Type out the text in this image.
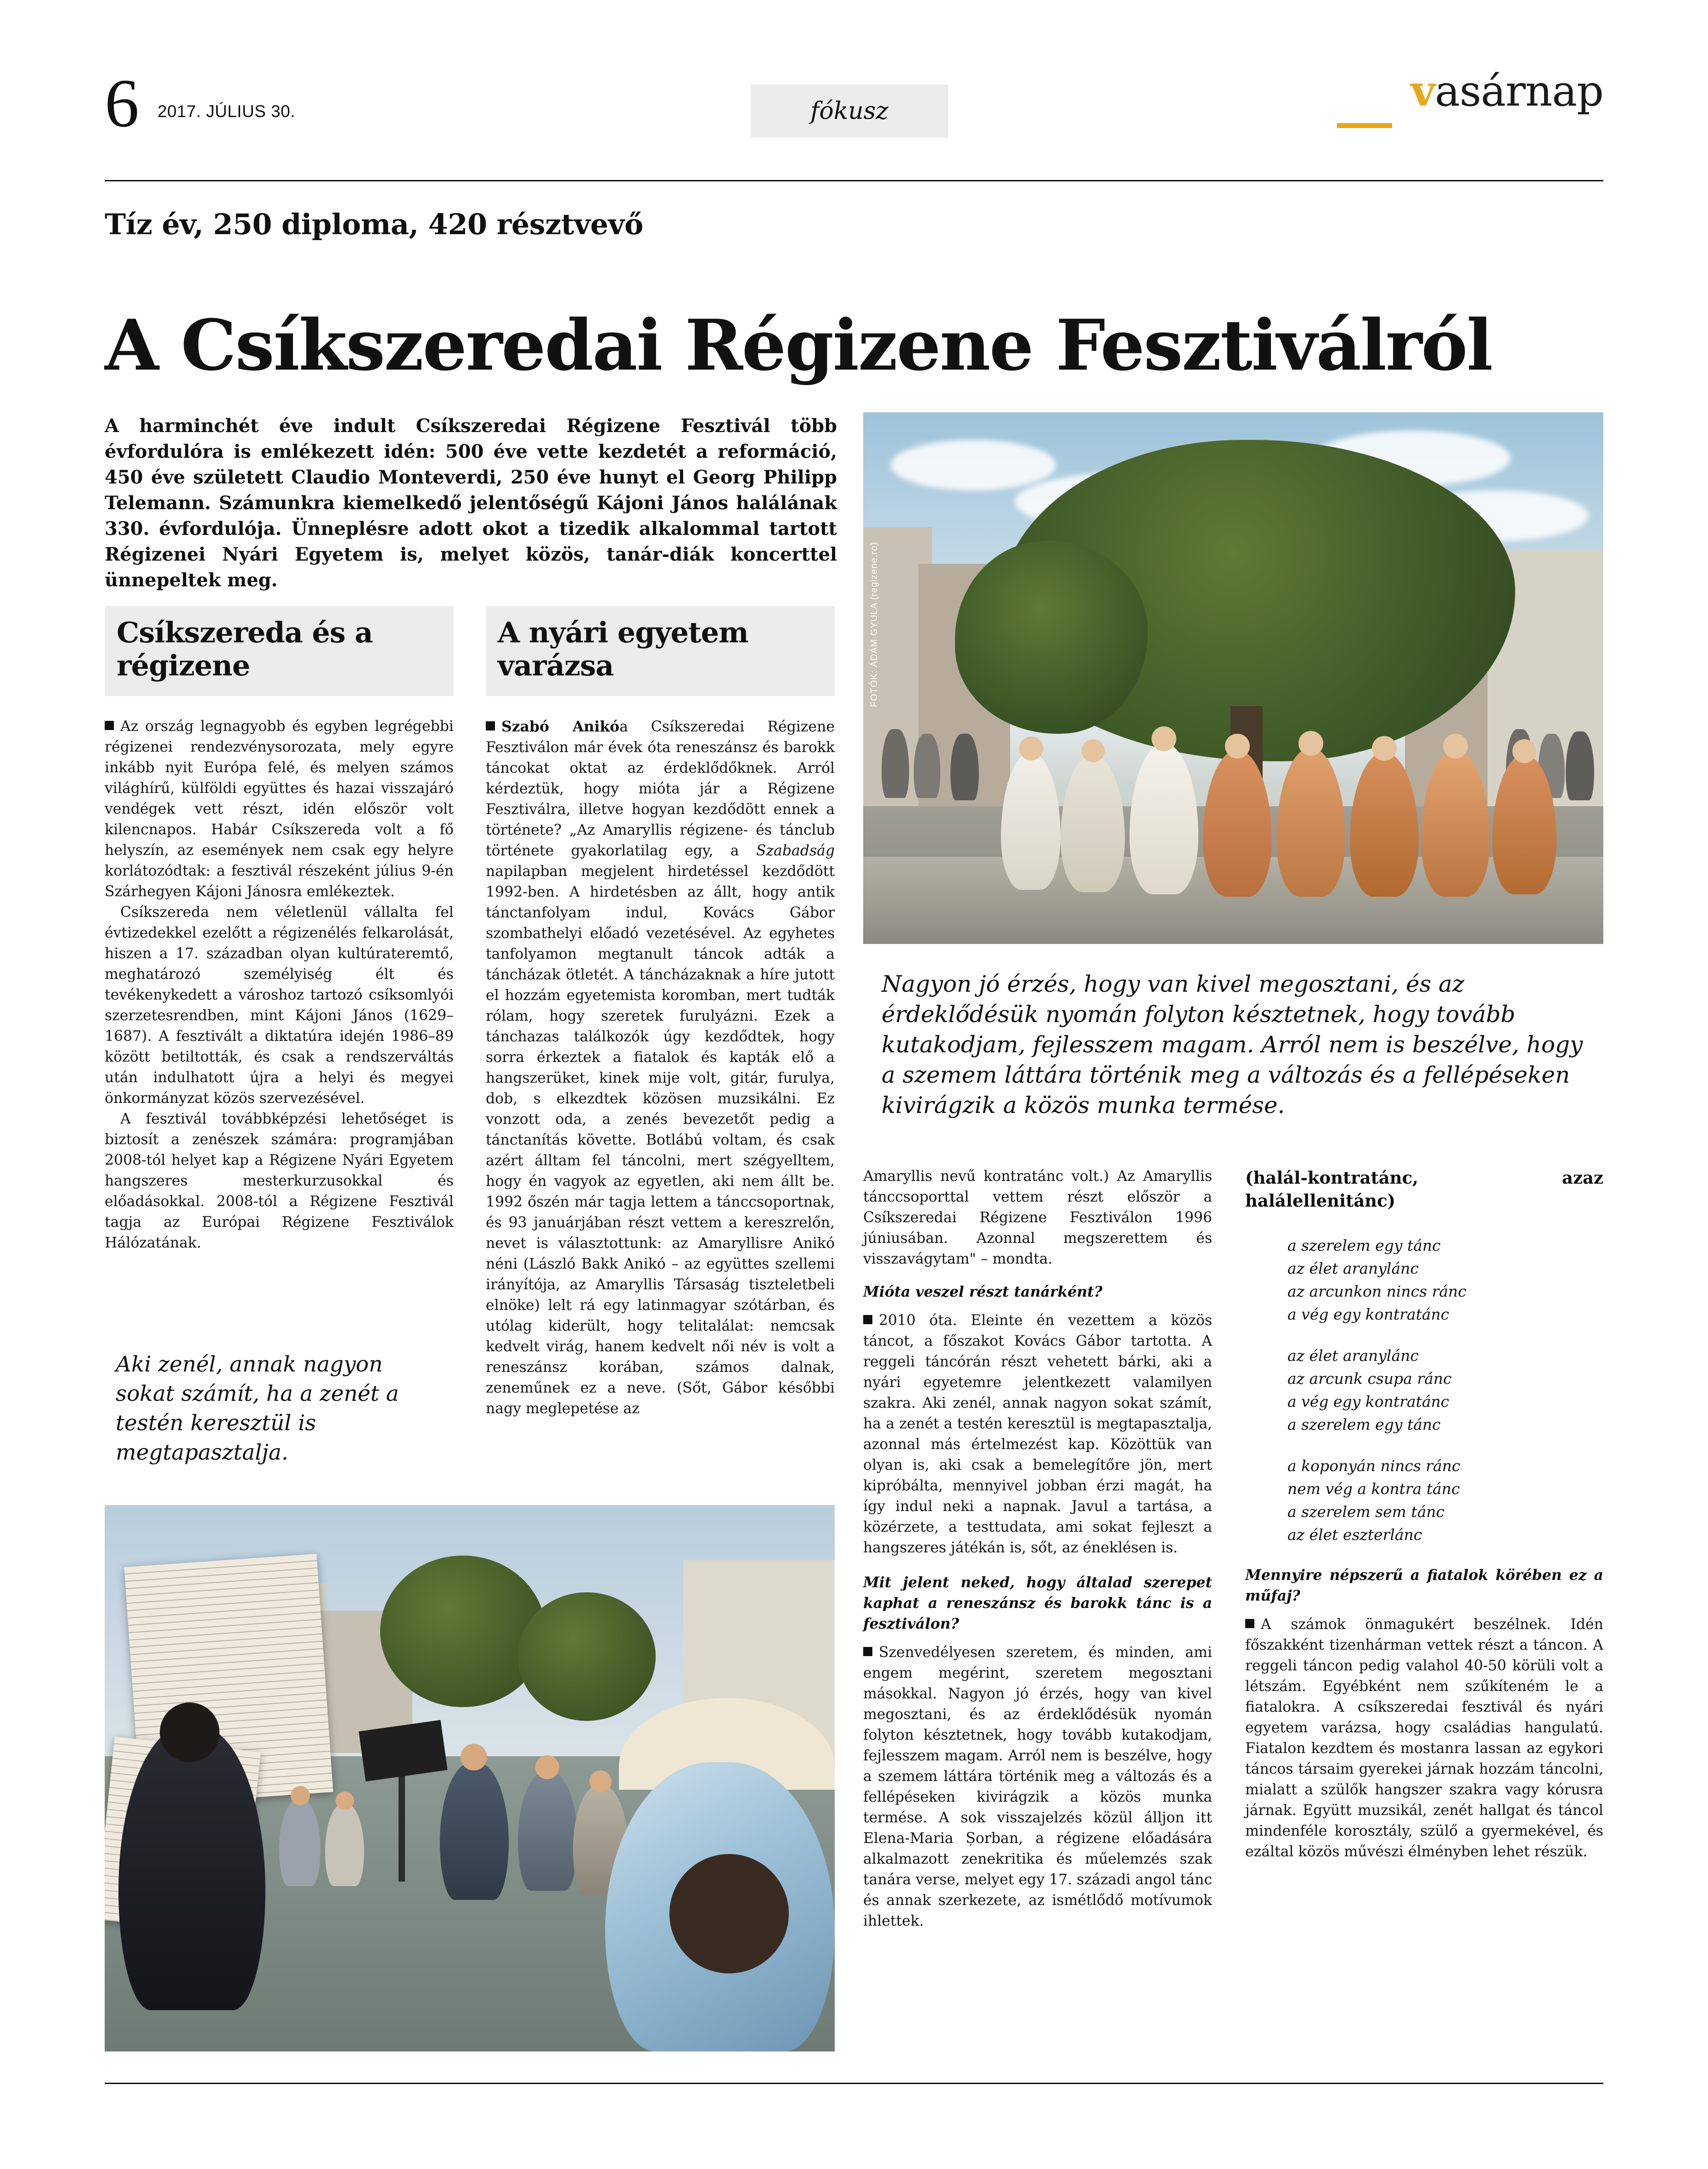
6 2017. JÚLIUS 30.	fókusz	vasárnap
Tíz év, 250 diploma, 420 résztvevő
A Csíkszeredai Régizene Fesztiválról
A harminchét éve indult Csíkszeredai Régizene Fesztivál több évfordulóra is emlékezett idén: 500 éve vette kezdetét a reformáció, 450 éve született Claudio Monteverdi, 250 éve hunyt el Georg Philipp Telemann. Számunkra kiemelkedő jelentőségű Kájoni János halálának 330. évfordulója. Ünneplésre adott okot a tizedik alkalommal tartott Régizenei Nyári Egyetem is, melyet közös, tanár-diák koncerttel ünnepeltek meg.	FOTÓK: ÁDÁM GYULA (regizene.ro)
Csíkszereda és a régizene
A nyári egyetem varázsa

Az ország legnagyobb és egyben legrégebbi régizenei rendezvénysorozata, mely egyre inkább nyit Európa felé, és melyen számos világhírű, külföldi együttes és hazai visszajáró vendégek vett részt, idén először volt kilencnapos. Habár Csíkszereda volt a fő helyszín, az események nem csak egy helyre korlátozódtak: a fesztivál részeként július 9-én Szárhegyen Kájoni Jánosra emlékeztek.

Csíkszereda nem véletlenül vállalta fel évtizedekkel ezelőtt a régizenélés felkarolását, hiszen a 17. században olyan kultúrateremtő, meghatározó személyiség élt és tevékenykedett a városhoz tartozó csíksomlyói szerzetesrendben, mint Kájoni János (1629–1687). A fesztivált a diktatúra idején 1986–89 között betiltották, és csak a rendszerváltás után indulhatott újra a helyi és megyei önkormányzat közös szervezésével.

A fesztivál továbbképzési lehetőséget is biztosít a zenészek számára: programjában 2008-tól helyet kap a Régizene Nyári Egyetem hangszeres mesterkurzusokkal és előadásokkal. 2008-tól a Régizene Fesztivál tagja az Európai Régizene Fesztiválok Hálózatának.

Szabó Anikóa Csíkszeredai Régizene Fesztiválon már évek óta reneszánsz és barokk táncokat oktat az érdeklődőknek. Arról kérdeztük, hogy mióta jár a Régizene Fesztiválra, illetve hogyan kezdődött ennek a története? „Az Amaryllis régizene- és tánclub története gyakorlatilag egy, a Szabadság napilapban megjelent hirdetéssel kezdődött 1992-ben. A hirdetésben az állt, hogy antik tánctanfolyam indul, Kovács Gábor szombathelyi előadó vezetésével. Az egyhetes tanfolyamon megtanult táncok adták a táncházak ötletét. A táncházaknak a híre jutott el hozzám egyetemista koromban, mert tudták rólam, hogy szeretek furulyázni. Ezek a tánchazas találkozók úgy kezdődtek, hogy sorra érkeztek a fiatalok és kapták elő a hangszerüket, kinek mije volt, gitár, furulya, dob, s elkezdtek közösen muzsikálni. Ez vonzott oda, a zenés bevezetőt pedig a tánctanítás követte. Botlábú voltam, és csak azért álltam fel táncolni, mert szégyelltem, hogy én vagyok az egyetlen, aki nem állt be. 1992 őszén már tagja lettem a tánccsoportnak, és 93 januárjában részt vettem a kereszrelőn, nevet is választottunk: az Amaryllisre Anikó néni (László Bakk Anikó – az együttes szellemi irányítója, az Amaryllis Társaság tiszteletbeli elnöke) lelt rá egy latinmagyar szótárban, és utólag kiderült, hogy telitalálat: nemcsak kedvelt virág, hanem kedvelt női név is volt a reneszánsz korában, számos dalnak, zeneműnek ez a neve. (Sőt, Gábor későbbi nagy meglepetése az

Nagyon jó érzés, hogy van kivel megosztani, és az érdeklődésük nyomán folyton késztetnek, hogy tovább kutakodjam, fejlesszem magam. Arról nem is beszélve, hogy a szemem láttára történik meg a változás és a fellépéseken kivirágzik a közös munka termése.
Aki zenél, annak nagyon sokat számít, ha a zenét a testén keresztül is megtapasztalja.

Amaryllis nevű kontratánc volt.) Az Amaryllis tánccsoporttal vettem részt először a Csíkszeredai Régizene Fesztiválon 1996 júniusában. Azonnal megszerettem és visszavágytam" – mondta.

Mióta veszel részt tanárként?

2010 óta. Eleinte én vezettem a közös táncot, a főszakot Kovács Gábor tartotta. A reggeli táncórán részt vehetett bárki, aki a nyári egyetemre jelentkezett valamilyen szakra. Aki zenél, annak nagyon sokat számít, ha a zenét a testén keresztül is megtapasztalja, azonnal más értelmezést kap. Közöttük van olyan is, aki csak a bemelegítőre jön, mert kipróbálta, mennyivel jobban érzi magát, ha így indul neki a napnak. Javul a tartása, a közérzete, a testtudata, ami sokat fejleszt a hangszeres játékán is, sőt, az éneklésen is.

Mit jelent neked, hogy általad szerepet kaphat a reneszánsz és barokk tánc is a fesztiválon?

Szenvedélyesen szeretem, és minden, ami engem megérint, szeretem megosztani másokkal. Nagyon jó érzés, hogy van kivel megosztani, és az érdeklődésük nyomán folyton késztetnek, hogy tovább kutakodjam, fejlesszem magam. Arról nem is beszélve, hogy a szemem láttára történik meg a változás és a fellépéseken kivirágzik a közös munka termése. A sok visszajelzés közül álljon itt Elena-Maria Șorban, a régizene előadására alkalmazott zenekritika és műelemzés szak tanára verse, melyet egy 17. századi angol tánc és annak szerkezete, az ismétlődő motívumok ihlettek.

(halál-kontratánc, azaz halálellenitánc)

a szerelem egy tánc
az élet aranylánc
az arcunkon nincs ránc
a vég egy kontratánc
az élet aranylánc
az arcunk csupa ránc
a vég egy kontratánc
a szerelem egy tánc
a koponyán nincs ránc
nem vég a kontra tánc
a szerelem sem tánc
az élet eszterlánc

Mennyire népszerű a fiatalok körében ez a műfaj?

A számok önmagukért beszélnek. Idén főszakként tizenhárman vettek részt a táncon. A reggeli táncon pedig valahol 40-50 körüli volt a létszám. Egyébként nem szűkíteném le a fiatalokra. A csíkszeredai fesztivál és nyári egyetem varázsa, hogy családias hangulatú. Fiatalon kezdtem és mostanra lassan az egykori táncos társaim gyerekei járnak hozzám táncolni, mialatt a szülők hangszer szakra vagy kórusra járnak. Együtt muzsikál, zenét hallgat és táncol mindenféle korosztály, szülő a gyermekével, és ezáltal közös művészi élményben lehet részük.
